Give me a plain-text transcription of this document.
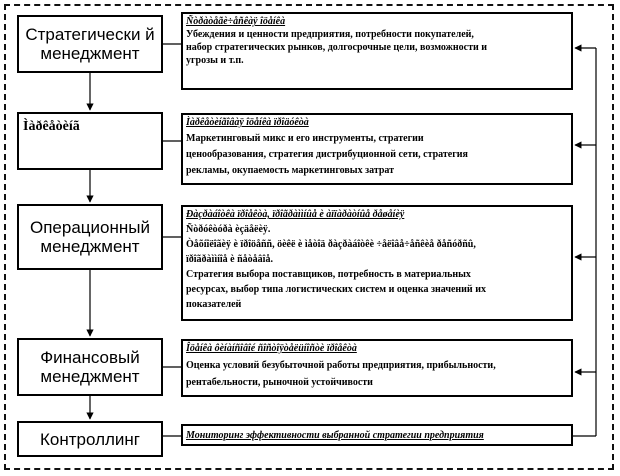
Стратегически й менеджмент
Ìàðêåòèíã
Операционный менеджмент
Финансовый менеджмент
Контроллинг
Ñòðàòåãè÷åñêàÿ îöåíêà
Убеждения и ценности предприятия, потребности покупателей,
набор стратегических рынков, долгосрочные цели, возможности и
угрозы и т.п.
Ìàðêåòèíãîâàÿ îöåíêà ïðîäóêòà
Маркетинговый микс и его инструменты, стратегии
ценообразования, стратегия дистрибуционной сети, стратегия
рекламы, окупаемость маркетинговых затрат
Ðàçðàáîòêà ïðîåêòà, ïðîãðàììíûå è àïïàðàòíûå ðåøåíèÿ
Ñòðóêòóðà èçäåëèÿ.
Òåõíîëîãèÿ è ïðîöåññ, öèêë è ìåòîä ðàçðàáîòêè ÷åëîâå÷åñêèå ðåñóðñû,
ïðîãðàììíîå è ñåòåâîå.
Стратегия выбора поставщиков, потребность в материальных
ресурсах, выбор типа логистических систем и оценка значений их
показателей
Îöåíêà ôèíàíñîâîé ñîñòîÿòåëüíîñòè ïðîåêòà
Оценка условий безубыточной работы предприятия, прибыльности,
рентабельности, рыночной устойчивости
Мониторинг эффективности выбранной стратегии предприятия
